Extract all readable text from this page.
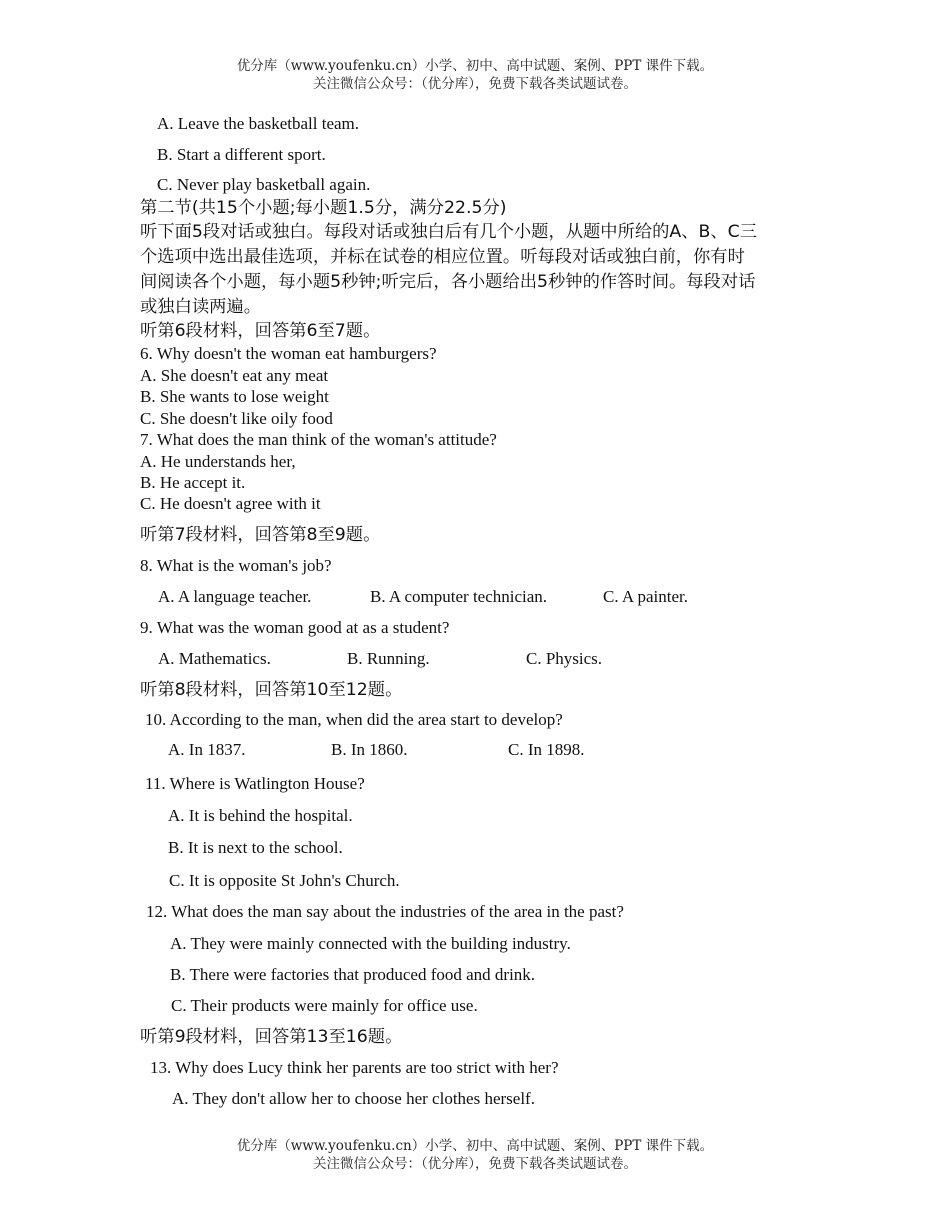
优分库（www.youfenku.cn）小学、初中、高中试题、案例、PPT 课件下载。
关注微信公众号：（优分库），免费下载各类试题试卷。
A. Leave the basketball team.
B. Start a different sport.
C. Never play basketball again.
第二节(共15个小题;每小题1.5分，满分22.5分)
听下面5段对话或独白。每段对话或独白后有几个小题，从题中所给的A、B、C三
个选项中选出最佳选项，并标在试卷的相应位置。听每段对话或独白前，你有时
间阅读各个小题，每小题5秒钟;听完后，各小题给出5秒钟的作答时间。每段对话
或独白读两遍。
听第6段材料，回答第6至7题。
6. Why doesn't the woman eat hamburgers?
A. She doesn't eat any meat
B. She wants to lose weight
C. She doesn't like oily food
7. What does the man think of the woman's attitude?
A. He understands her,
B. He accept it.
C. He doesn't agree with it
听第7段材料，回答第8至9题。
8. What is the woman's job?
A. A language teacher.	B. A computer technician.	C. A painter.
9. What was the woman good at as a student?
A. Mathematics.	B. Running.	C. Physics.
听第8段材料，回答第10至12题。
10. According to the man, when did the area start to develop?
A. In 1837.	B. In 1860.	C. In 1898.
11. Where is Watlington House?
A. It is behind the hospital.
B. It is next to the school.
C. It is opposite St John's Church.
12. What does the man say about the industries of the area in the past?
A. They were mainly connected with the building industry.
B. There were factories that produced food and drink.
C. Their products were mainly for office use.
听第9段材料，回答第13至16题。
13. Why does Lucy think her parents are too strict with her?
A. They don't allow her to choose her clothes herself.
优分库（www.youfenku.cn）小学、初中、高中试题、案例、PPT 课件下载。
关注微信公众号：（优分库），免费下载各类试题试卷。
